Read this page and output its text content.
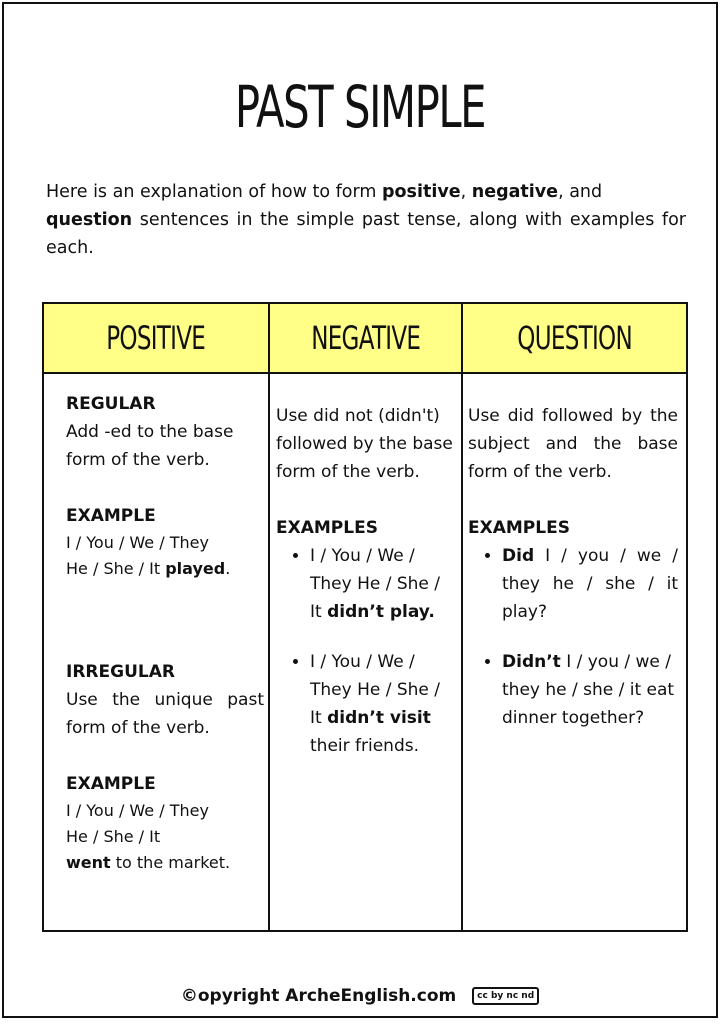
PAST SIMPLE
Here is an explanation of how to form positive, negative, and
question sentences in the simple past tense, along with examples for each.
POSITIVE	NEGATIVE	QUESTION
REGULAR
Add -ed to the base form of the verb.
EXAMPLE
I / You / We / They
He / She / It played.
IRREGULAR
Use the unique past form of the verb.
EXAMPLE
I / You / We / They
He / She / It
went to the market.
Use did not (didn't) followed by the base form of the verb.
EXAMPLES
• I / You / We / They He / She / It didn’t play.
• I / You / We / They He / She / It didn’t visit their friends.
Use did followed by the subject and the base form of the verb.
EXAMPLES
• Did I / you / we / they he / she / it play?
• Didn’t I / you / we / they he / she / it eat dinner together?
©opyright ArcheEnglish.com cc by nc nd
